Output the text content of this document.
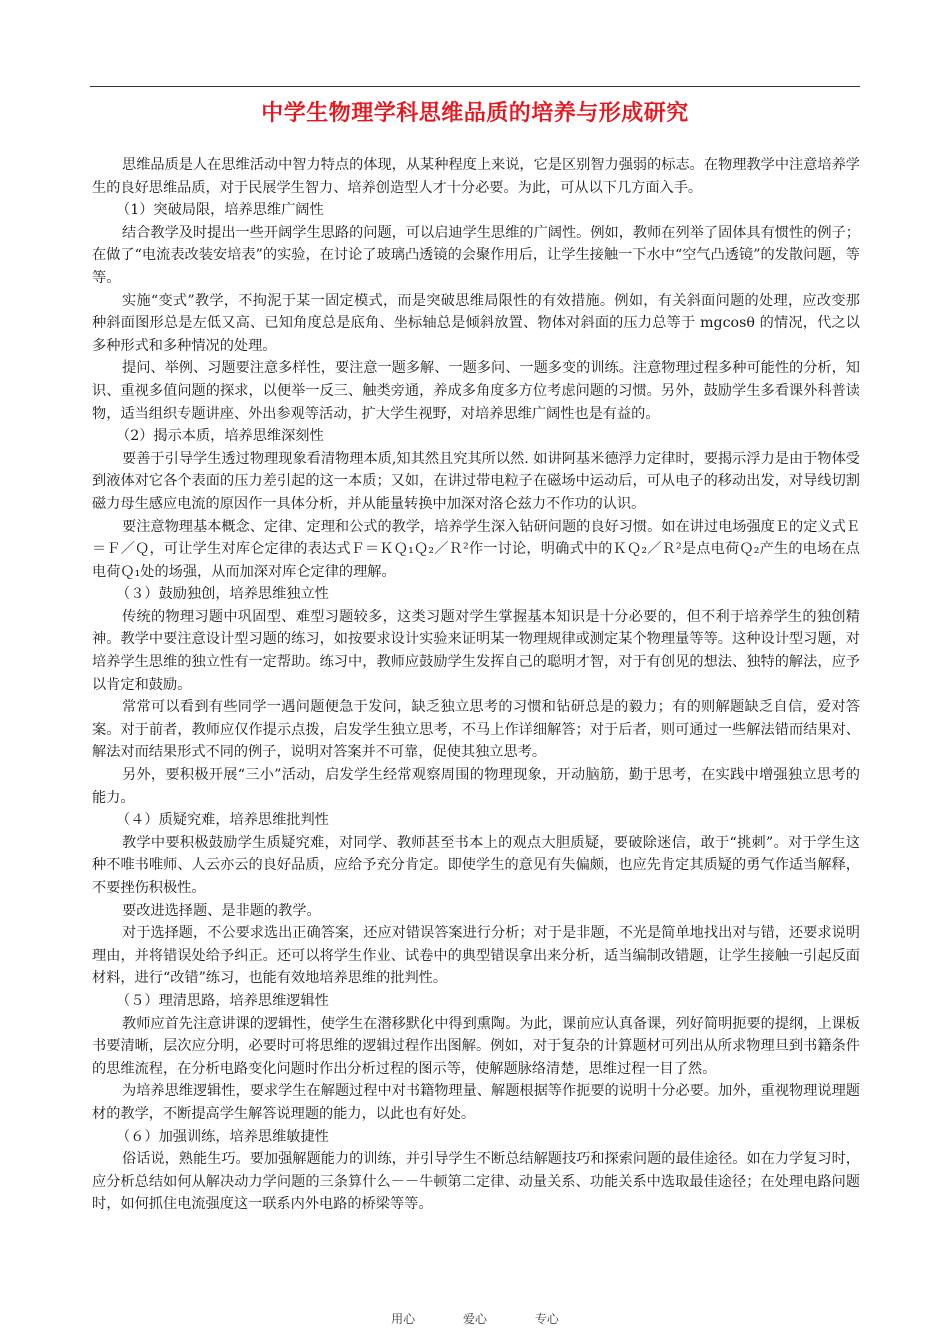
中学生物理学科思维品质的培养与形成研究

思维品质是人在思维活动中智力特点的体现，从某种程度上来说，它是区别智力强弱的标志。在物理教学中注意培养学生的良好思维品质，对于民展学生智力、培养创造型人才十分必要。为此，可从以下几方面入手。

（1）突破局限，培养思维广阔性

结合教学及时提出一些开阔学生思路的问题，可以启迪学生思维的广阔性。例如，教师在列举了固体具有惯性的例子；在做了“电流表改装安培表”的实验，在讨论了玻璃凸透镜的会聚作用后，让学生接触一下水中“空气凸透镜”的发散问题，等等。

实施“变式”教学，不拘泥于某一固定模式，而是突破思维局限性的有效措施。例如，有关斜面问题的处理，应改变那种斜面图形总是左低又高、已知角度总是底角、坐标轴总是倾斜放置、物体对斜面的压力总等于 mgcosθ 的情况，代之以多种形式和多种情况的处理。

提问、举例、习题要注意多样性，要注意一题多解、一题多问、一题多变的训练。注意物理过程多种可能性的分析，知识、重视多值问题的探求，以便举一反三、触类旁通，养成多角度多方位考虑问题的习惯。另外，鼓励学生多看课外科普读物，适当组织专题讲座、外出参观等活动，扩大学生视野，对培养思维广阔性也是有益的。

（2）揭示本质，培养思维深刻性

要善于引导学生透过物理现象看清物理本质,知其然且究其所以然. 如讲阿基米德浮力定律时，要揭示浮力是由于物体受到液体对它各个表面的压力差引起的这一本质；又如，在讲过带电粒子在磁场中运动后，可从电子的移动出发，对导线切割磁力母生感应电流的原因作一具体分析，并从能量转换中加深对洛仑兹力不作功的认识。

要注意物理基本概念、定律、定理和公式的教学，培养学生深入钻研问题的良好习惯。如在讲过电场强度Ｅ的定义式Ｅ＝Ｆ／Ｑ，可让学生对库仑定律的表达式Ｆ＝ＫＱ₁Ｑ₂／Ｒ²作一讨论，明确式中的ＫＱ₂／Ｒ²是点电荷Ｑ₂产生的电场在点电荷Ｑ₁处的场强，从而加深对库仑定律的理解。

（３）鼓励独创，培养思维独立性

传统的物理习题中巩固型、难型习题较多，这类习题对学生掌握基本知识是十分必要的，但不利于培养学生的独创精神。教学中要注意设计型习题的练习，如按要求设计实验来证明某一物理规律或测定某个物理量等等。这种设计型习题，对培养学生思维的独立性有一定帮助。练习中，教师应鼓励学生发挥自己的聪明才智，对于有创见的想法、独特的解法，应予以肯定和鼓励。

常常可以看到有些同学一遇问题便急于发问，缺乏独立思考的习惯和钻研总是的毅力；有的则解题缺乏自信，爱对答案。对于前者，教师应仅作提示点拨，启发学生独立思考，不马上作详细解答；对于后者，则可通过一些解法错而结果对、解法对而结果形式不同的例子，说明对答案并不可靠，促使其独立思考。

另外，要积极开展“三小”活动，启发学生经常观察周围的物理现象，开动脑筋，勤于思考，在实践中增强独立思考的能力。

（４）质疑究难，培养思维批判性

教学中要积极鼓励学生质疑究难，对同学、教师甚至书本上的观点大胆质疑，要破除迷信，敢于“挑刺”。对于学生这种不唯书唯师、人云亦云的良好品质，应给予充分肯定。即使学生的意见有失偏颇，也应先肯定其质疑的勇气作适当解释，不要挫伤积极性。

要改进选择题、是非题的教学。

对于选择题，不公要求选出正确答案，还应对错误答案进行分析；对于是非题，不光是简单地找出对与错，还要求说明理由，并将错误处给予纠正。还可以将学生作业、试卷中的典型错误拿出来分析，适当编制改错题，让学生接触一引起反面材料，进行“改错”练习，也能有效地培养思维的批判性。

（５）理清思路，培养思维逻辑性

教师应首先注意讲课的逻辑性，使学生在潜移默化中得到熏陶。为此，课前应认真备课，列好简明扼要的提纲，上课板书要清晰，层次应分明，必要时可将思维的逻辑过程作出图解。例如，对于复杂的计算题材可列出从所求物理旦到书籍条件的思维流程，在分析电路变化问题时作出分析过程的图示等，使解题脉络清楚，思维过程一目了然。

为培养思维逻辑性，要求学生在解题过程中对书籍物理量、解题根据等作扼要的说明十分必要。加外，重视物理说理题材的教学，不断提高学生解答说理题的能力，以此也有好处。

（６）加强训练，培养思维敏捷性

俗话说，熟能生巧。要加强解题能力的训练，并引导学生不断总结解题技巧和探索问题的最佳途径。如在力学复习时，应分析总结如何从解决动力学问题的三条算什么－－牛顿第二定律、动量关系、功能关系中选取最佳途径；在处理电路问题时，如何抓住电流强度这一联系内外电路的桥梁等等。

用心	爱心	专心
